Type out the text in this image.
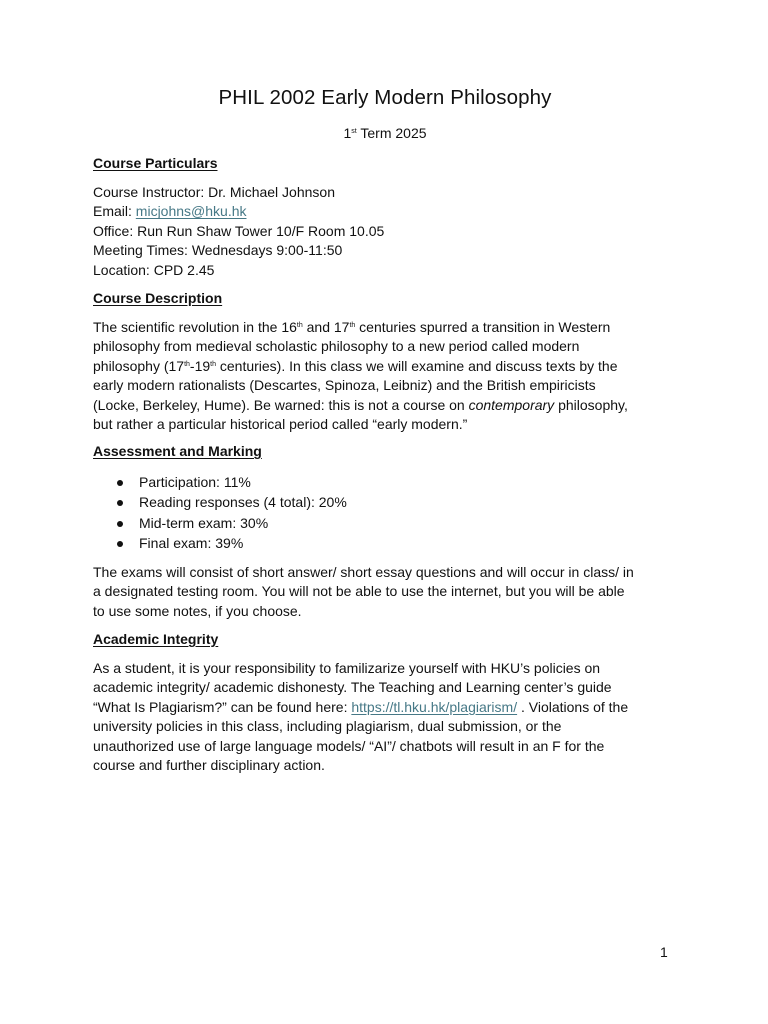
PHIL 2002 Early Modern Philosophy
1st Term 2025
Course Particulars
Course Instructor: Dr. Michael Johnson
Email: micjohns@hku.hk
Office: Run Run Shaw Tower 10/F Room 10.05
Meeting Times: Wednesdays 9:00-11:50
Location: CPD 2.45
Course Description
The scientific revolution in the 16th and 17th centuries spurred a transition in Western
philosophy from medieval scholastic philosophy to a new period called modern
philosophy (17th-19th centuries). In this class we will examine and discuss texts by the
early modern rationalists (Descartes, Spinoza, Leibniz) and the British empiricists
(Locke, Berkeley, Hume). Be warned: this is not a course on contemporary philosophy,
but rather a particular historical period called “early modern.”
Assessment and Marking
Participation: 11%
Reading responses (4 total): 20%
Mid-term exam: 30%
Final exam: 39%
The exams will consist of short answer/ short essay questions and will occur in class/ in
a designated testing room. You will not be able to use the internet, but you will be able
to use some notes, if you choose.
Academic Integrity
As a student, it is your responsibility to familizarize yourself with HKU’s policies on
academic integrity/ academic dishonesty. The Teaching and Learning center’s guide
“What Is Plagiarism?” can be found here: https://tl.hku.hk/plagiarism/ . Violations of the
university policies in this class, including plagiarism, dual submission, or the
unauthorized use of large language models/ “AI”/ chatbots will result in an F for the
course and further disciplinary action.
1
